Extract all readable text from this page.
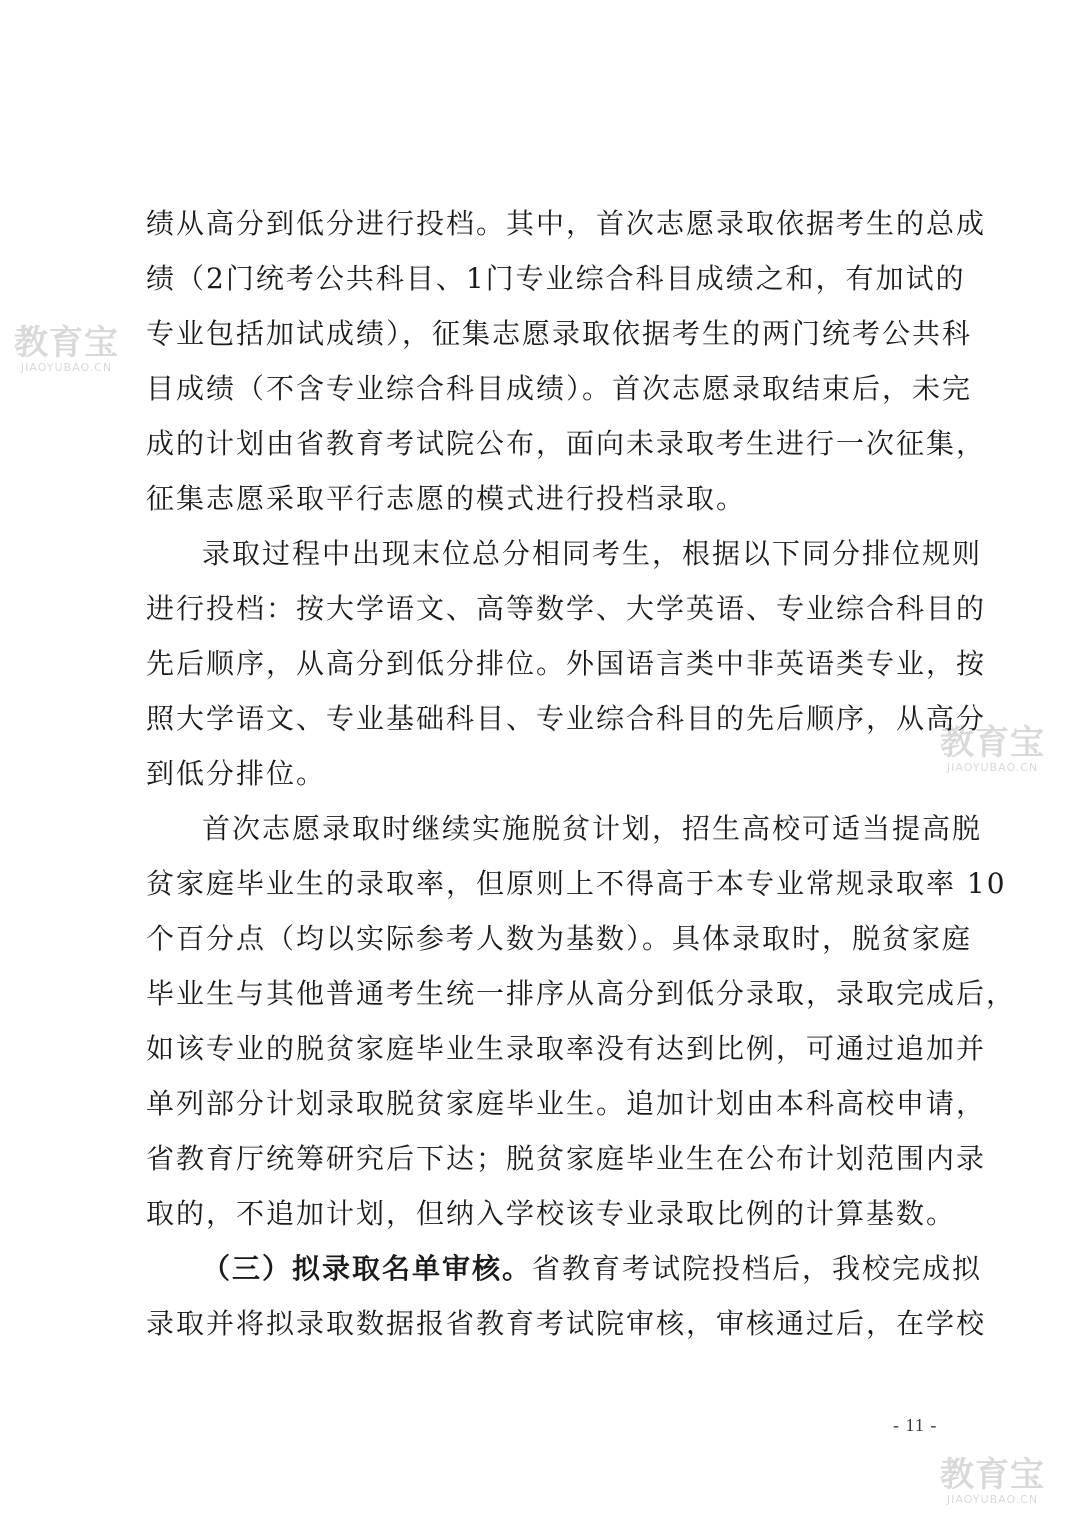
教育宝
JIAOYUBAO.CN
教育宝
JIAOYUBAO.CN
教育宝
JIAOYUBAO.CN

绩从高分到低分进行投档。其中，首次志愿录取依据考生的总成
绩（2门统考公共科目、1门专业综合科目成绩之和，有加试的
专业包括加试成绩），征集志愿录取依据考生的两门统考公共科
目成绩（不含专业综合科目成绩）。首次志愿录取结束后，未完
成的计划由省教育考试院公布，面向未录取考生进行一次征集，
征集志愿采取平行志愿的模式进行投档录取。

录取过程中出现末位总分相同考生，根据以下同分排位规则
进行投档：按大学语文、高等数学、大学英语、专业综合科目的
先后顺序，从高分到低分排位。外国语言类中非英语类专业，按
照大学语文、专业基础科目、专业综合科目的先后顺序，从高分
到低分排位。

首次志愿录取时继续实施脱贫计划，招生高校可适当提高脱
贫家庭毕业生的录取率，但原则上不得高于本专业常规录取率 10
个百分点（均以实际参考人数为基数）。具体录取时，脱贫家庭
毕业生与其他普通考生统一排序从高分到低分录取，录取完成后，
如该专业的脱贫家庭毕业生录取率没有达到比例，可通过追加并
单列部分计划录取脱贫家庭毕业生。追加计划由本科高校申请，
省教育厅统筹研究后下达；脱贫家庭毕业生在公布计划范围内录
取的，不追加计划，但纳入学校该专业录取比例的计算基数。

（三）拟录取名单审核。省教育考试院投档后，我校完成拟
录取并将拟录取数据报省教育考试院审核，审核通过后，在学校

- 11 -
